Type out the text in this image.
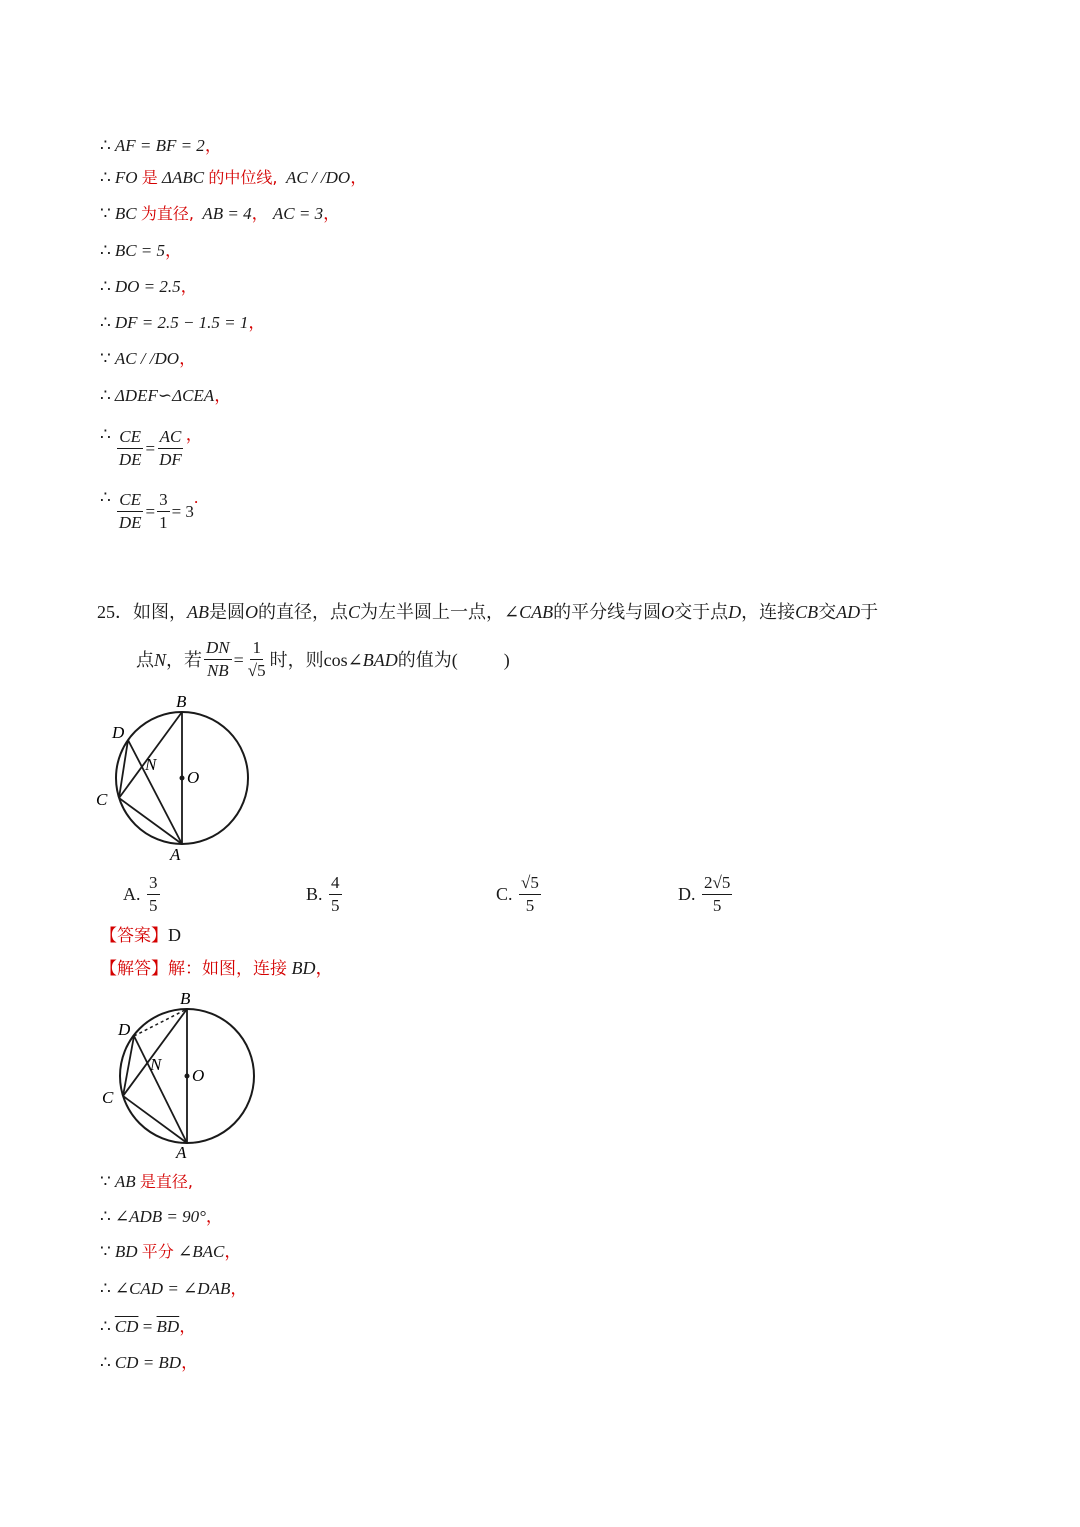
∴ AF = BF = 2，
∴ FO 是 ΔABC 的中位线, AC / /DO，
∵ BC 为直径, AB = 4， AC = 3，
∴ BC = 5，
∴ DO = 2.5，
∴ DF = 2.5 − 1.5 = 1，
∵ AC / /DO，
∴ ΔDEF∽ΔCEA，
∴ $\frac{CE}{DE} = \frac{AC}{DF}$ ，
∴ $\frac{CE}{DE} = \frac{3}{1} = 3$
.
25．如图，AB是圆O的直径，点C为左半圆上一点，∠CAB的平分线与圆O交于点D，连接CB交AD于
点 N ，若 $\frac{DN}{NB} = \frac{1}{√5}$ 时，则 cos ∠BAD 的值为(	)
B
D
N
O
C
A
A.
$\frac{3}{5}$	B.
$\frac{4}{5}$	C.
$\frac{√5}{5}$	D.
$\frac{2√5}{5}$
【答案】D
【解答】解：如图，连接 BD，
B
D
N
O
C
A
∵ AB 是直径,
∴ ∠ADB = 90°，
∵ BD 平分 ∠BAC，
∴ ∠CAD = ∠DAB，
∴ $\overline{CD} = \overline{BD}$，
∴ CD = BD，
